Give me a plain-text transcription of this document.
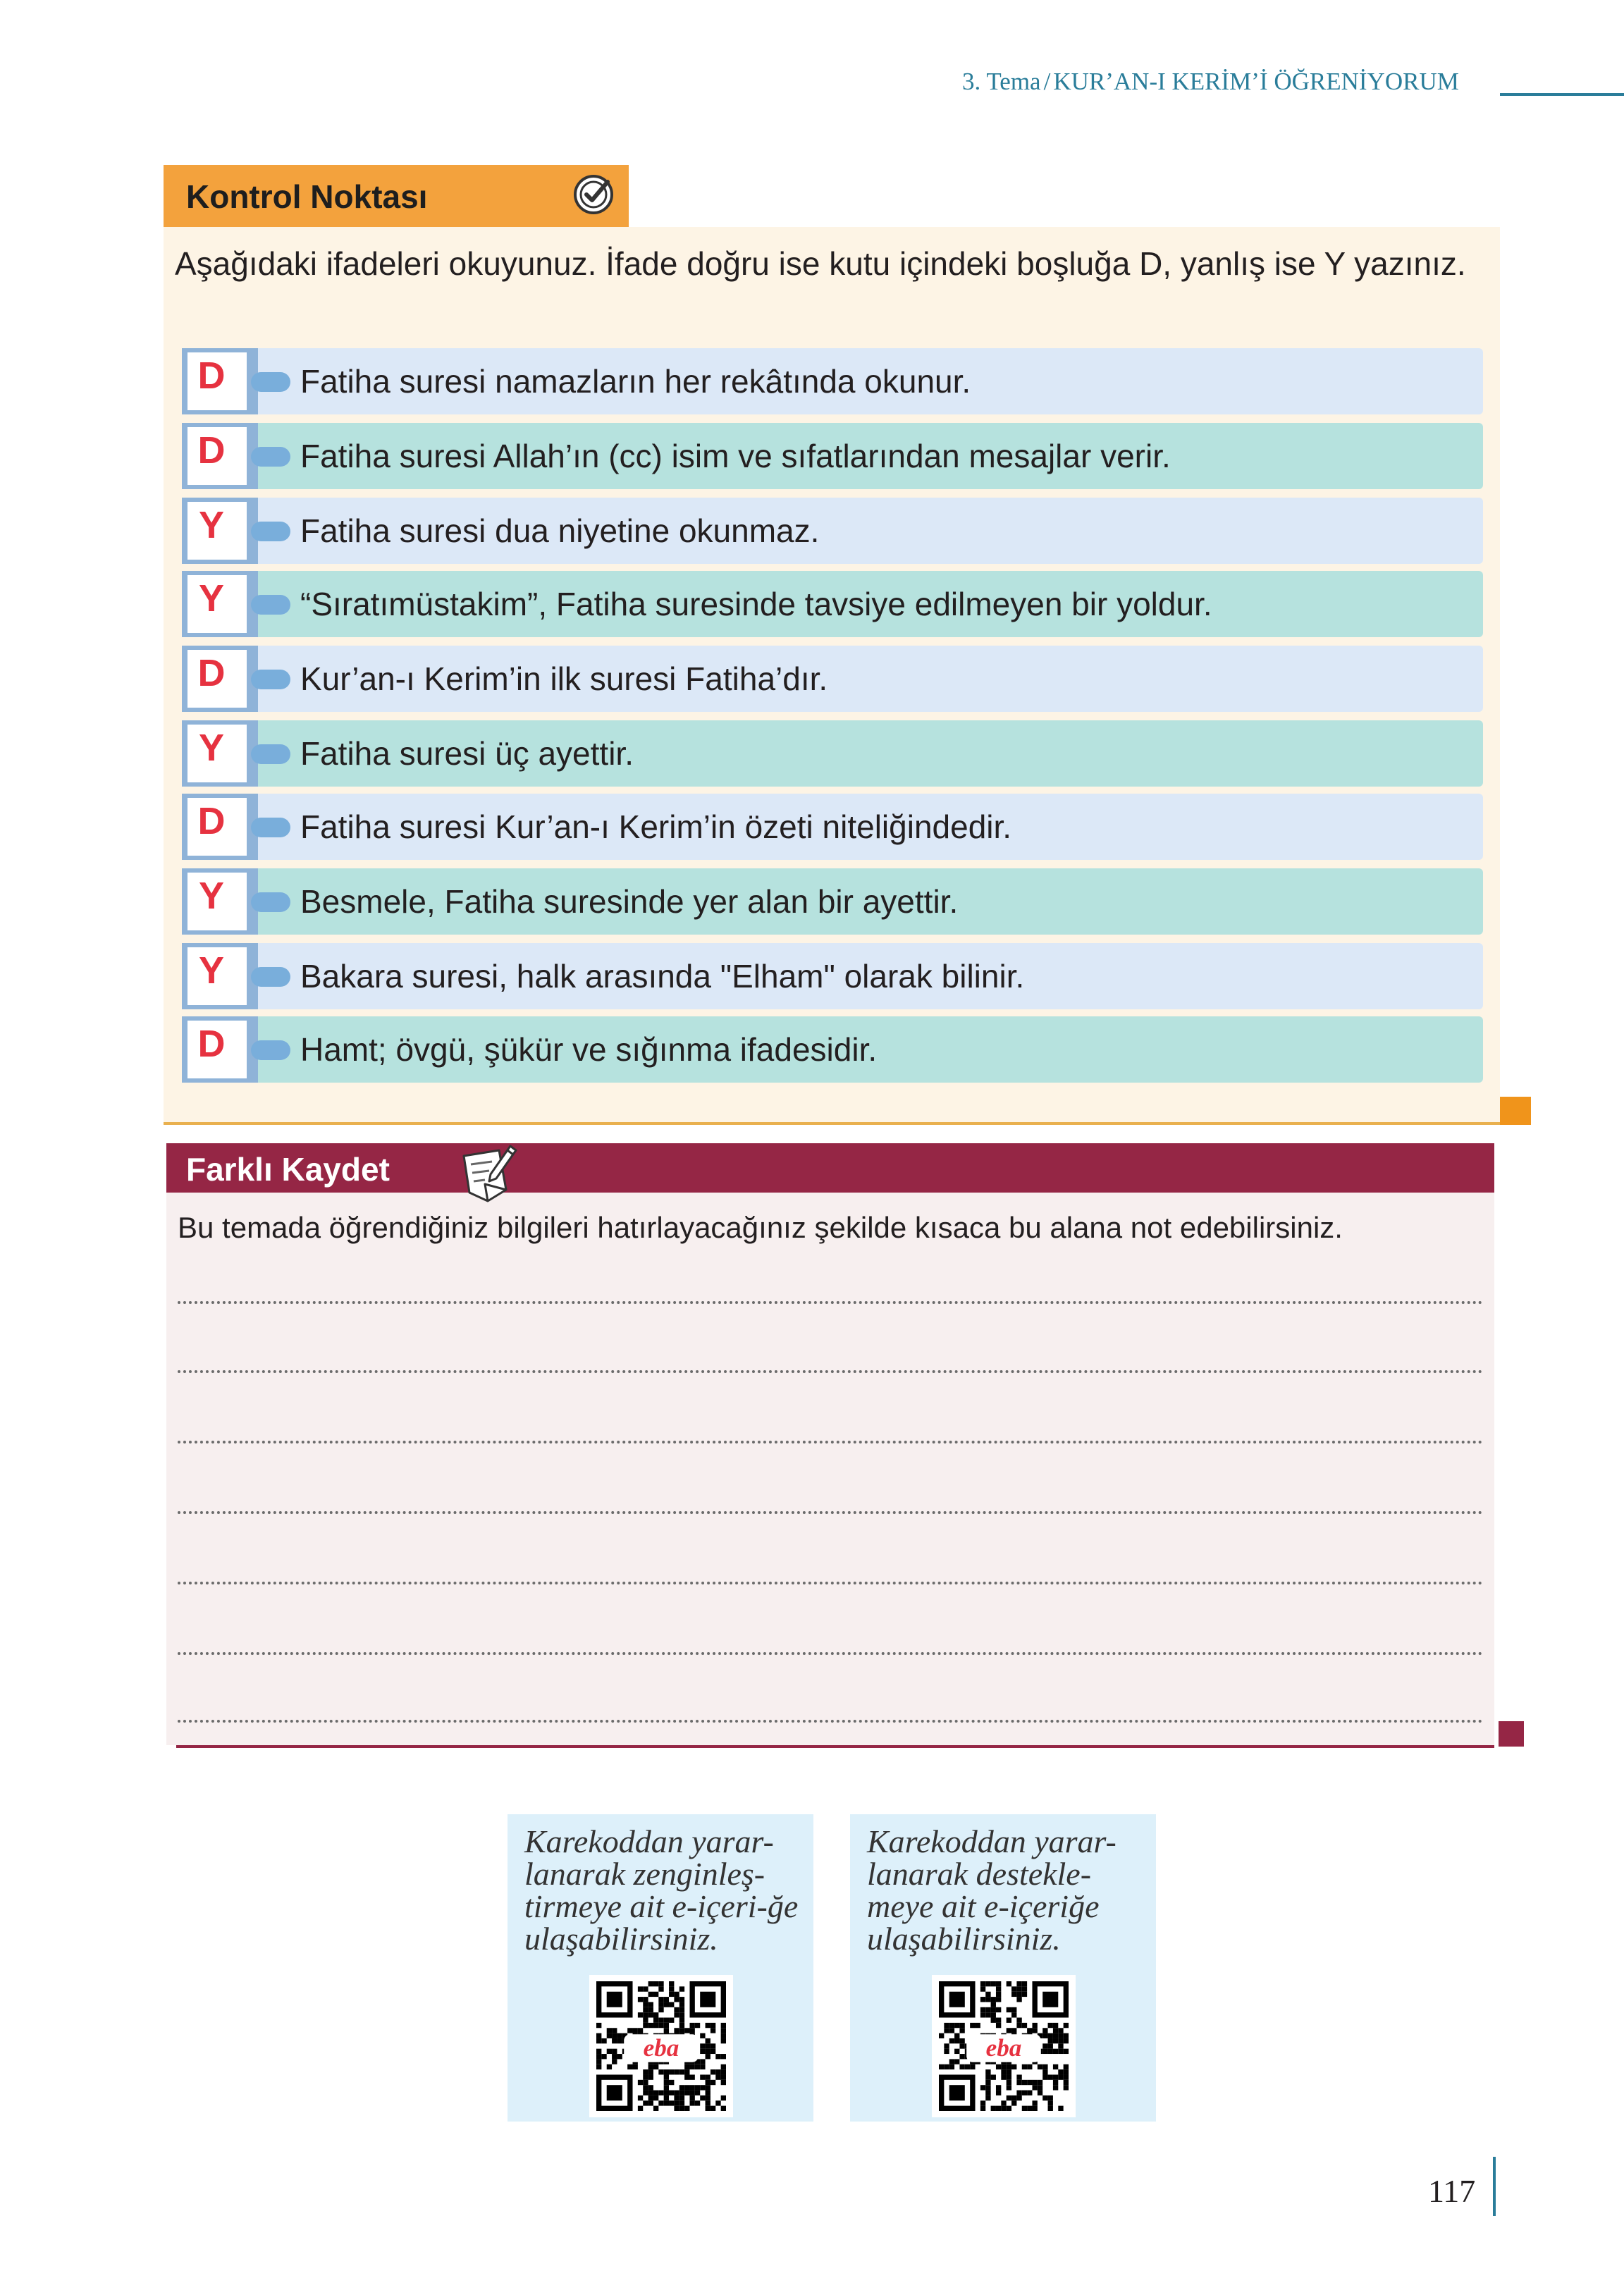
3. Tema / KUR’AN-I KERİM’İ ÖĞRENİYORUM
Kontrol Noktası
Aşağıdaki ifadeleri okuyunuz. İfade doğru ise kutu içindeki boşluğa D, yanlış ise Y yazınız.
D	Fatiha suresi namazların her rekâtında okunur.
D	Fatiha suresi Allah’ın (cc) isim ve sıfatlarından mesajlar verir.
Y	Fatiha suresi dua niyetine okunmaz.
Y	“Sıratımüstakim”, Fatiha suresinde tavsiye edilmeyen bir yoldur.
D	Kur’an-ı Kerim’in ilk suresi Fatiha’dır.
Y	Fatiha suresi üç ayettir.
D	Fatiha suresi Kur’an-ı Kerim’in özeti niteliğindedir.
Y	Besmele, Fatiha suresinde yer alan bir ayettir.
Y	Bakara suresi, halk arasında "Elham" olarak bilinir.
D	Hamt; övgü, şükür ve sığınma ifadesidir.
Farklı Kaydet
Bu temada öğrendiğiniz bilgileri hatırlayacağınız şekilde kısaca bu alana not edebilirsiniz.
Karekoddan yarar-lanarak zenginleş-tirmeye ait e-içeri-ğe ulaşabilirsiniz.
eba
Karekoddan yarar-lanarak destekle-meye ait e-içeriğe ulaşabilirsiniz.
eba
117
